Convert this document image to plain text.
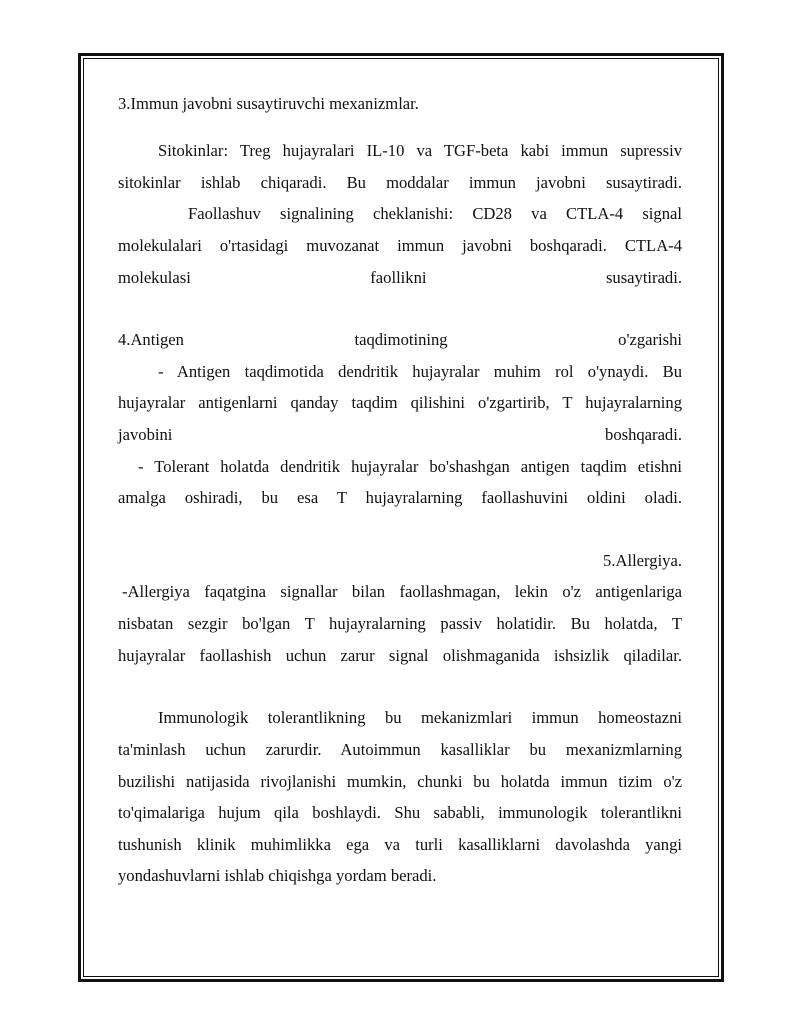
3.Immun javobni susaytiruvchi mexanizmlar.
Sitokinlar: Treg hujayralari IL-10 va TGF-beta kabi immun supressiv
sitokinlar ishlab chiqaradi. Bu moddalar immun javobni susaytiradi.
Faollashuv signalining cheklanishi: CD28 va CTLA-4 signal
molekulalari o'rtasidagi muvozanat immun javobni boshqaradi. CTLA-4
molekulasi faollikni susaytiradi.
4.Antigen taqdimotining o'zgarishi
- Antigen taqdimotida dendritik hujayralar muhim rol o'ynaydi. Bu
hujayralar antigenlarni qanday taqdim qilishini o'zgartirib, T hujayralarning
javobini boshqaradi.
- Tolerant holatda dendritik hujayralar bo'shashgan antigen taqdim etishni
amalga oshiradi, bu esa T hujayralarning faollashuvini oldini oladi.
5.Allergiya.
-Allergiya faqatgina signallar bilan faollashmagan, lekin o'z antigenlariga
nisbatan sezgir bo'lgan T hujayralarning passiv holatidir. Bu holatda, T
hujayralar faollashish uchun zarur signal olishmaganida ishsizlik qiladilar.
Immunologik tolerantlikning bu mekanizmlari immun homeostazni
ta'minlash uchun zarurdir. Autoimmun kasalliklar bu mexanizmlarning
buzilishi natijasida rivojlanishi mumkin, chunki bu holatda immun tizim o'z
to'qimalariga hujum qila boshlaydi. Shu sababli, immunologik tolerantlikni
tushunish klinik muhimlikka ega va turli kasalliklarni davolashda yangi
yondashuvlarni ishlab chiqishga yordam beradi.
